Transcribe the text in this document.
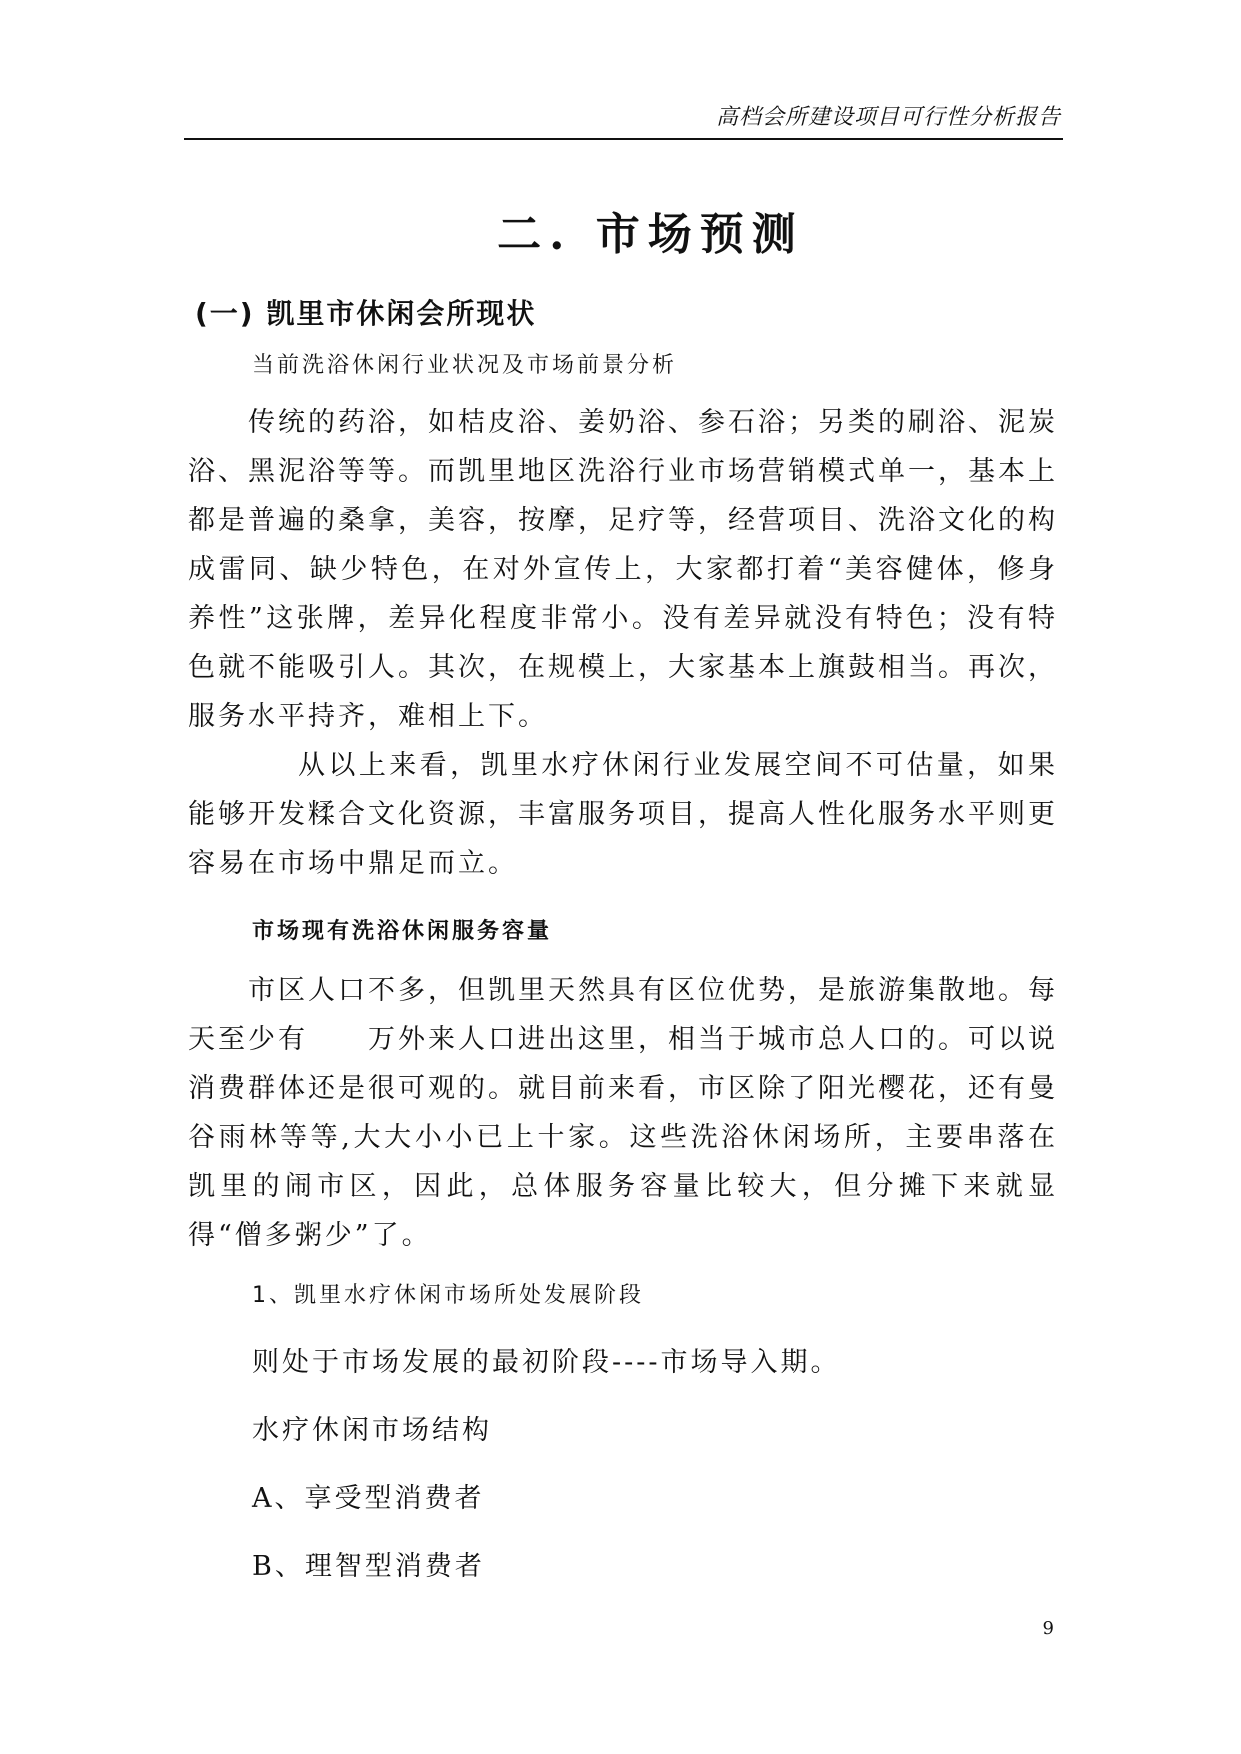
高档会所建设项目可行性分析报告
二. 市场预测
(一) 凯里市休闲会所现状
当前洗浴休闲行业状况及市场前景分析

传统的药浴，如桔皮浴、姜奶浴、参石浴；另类的刷浴、泥炭浴、黑泥浴等等。而凯里地区洗浴行业市场营销模式单一，基本上都是普遍的桑拿，美容，按摩，足疗等，经营项目、洗浴文化的构成雷同、缺少特色，在对外宣传上，大家都打着“美容健体，修身养性”这张牌，差异化程度非常小。没有差异就没有特色；没有特色就不能吸引人。其次，在规模上，大家基本上旗鼓相当。再次，服务水平持齐，难相上下。

从以上来看，凯里水疗休闲行业发展空间不可估量，如果能够开发糅合文化资源，丰富服务项目，提高人性化服务水平则更容易在市场中鼎足而立。

市场现有洗浴休闲服务容量

市区人口不多，但凯里天然具有区位优势，是旅游集散地。每天至少有　　万外来人口进出这里，相当于城市总人口的。可以说消费群体还是很可观的。就目前来看，市区除了阳光樱花，还有曼谷雨林等等,大大小小已上十家。这些洗浴休闲场所，主要串落在凯里的闹市区，因此，总体服务容量比较大，但分摊下来就显得“僧多粥少”了。

1、凯里水疗休闲市场所处发展阶段
则处于市场发展的最初阶段----市场导入期。
水疗休闲市场结构
A、享受型消费者
B、理智型消费者
9
